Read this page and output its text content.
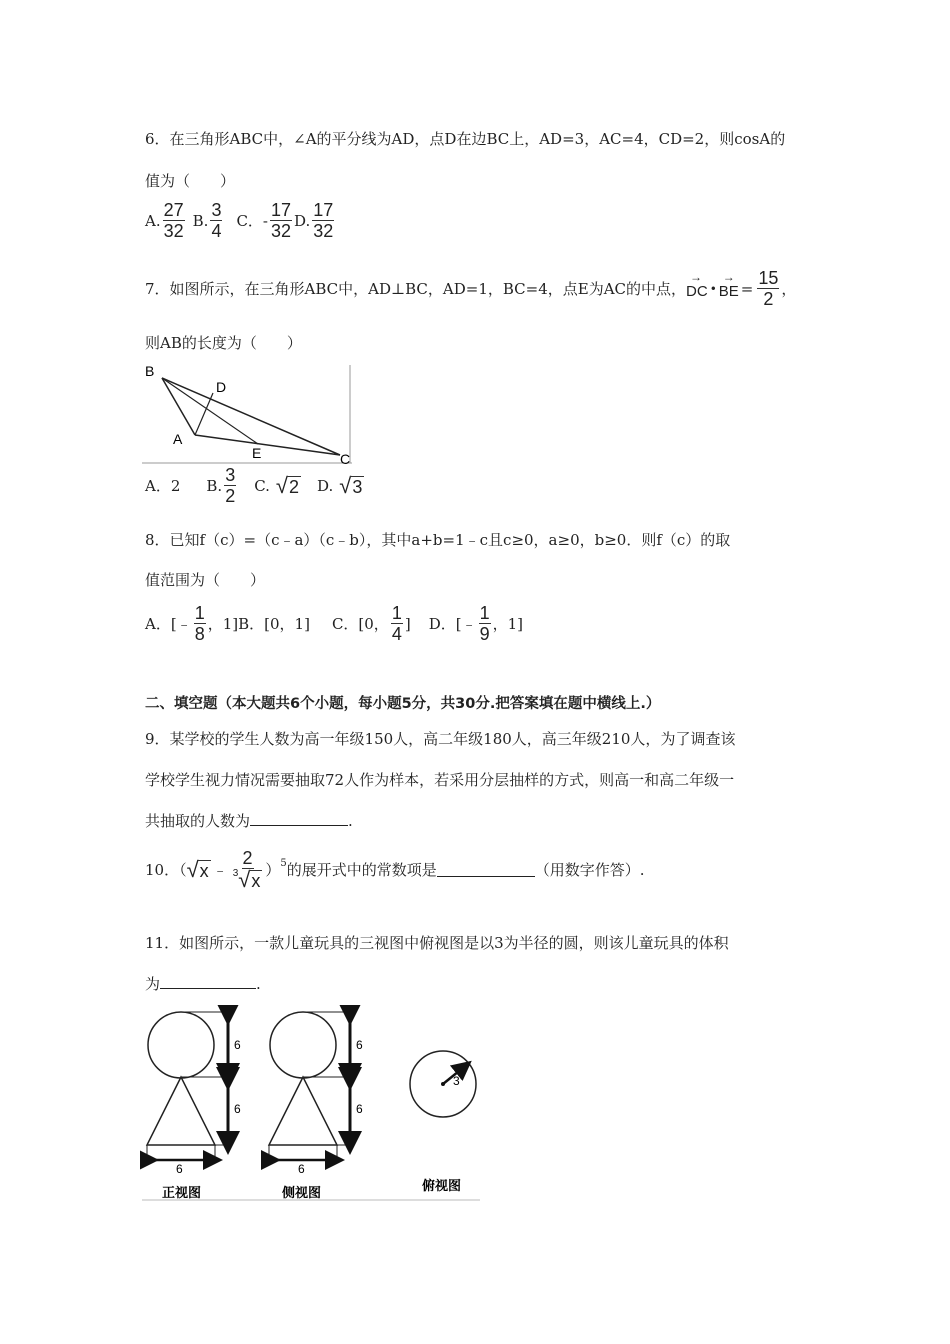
6．在三角形ABC中，∠A的平分线为AD，点D在边BC上，AD=3，AC=4，CD=2，则cosA的
值为（　　）
A. $\frac{27}{32} B$. $\frac{3}{4}$ C．- $\frac{17}{32} D$. $\frac{17}{32}$
7．如图所示，在三角形ABC中，AD⊥BC，AD=1，BC=4，点E为AC的中点， → DC • → BE = $\frac{15}{2}$ ，
则AB的长度为（　　）
B
D
A
E	C
A．2 B. $\frac{3}{2} C$. √ 2 D. √ 3
8．已知f（c）=（c﹣a）（c﹣b），其中a+b=1﹣c且c≥0，a≥0，b≥0．则f（c）的取
值范围为（　　）
A．[﹣ $\frac{1}{8}$ ，1] B．[0，1] C．[0， $\frac{1}{4}$ ] D．[﹣ $\frac{1}{9}$ ，1]
二、填空题（本大题共6个小题，每小题5分，共30分.把答案填在题中横线上.）
9．某学校的学生人数为高一年级150人，高二年级180人，高三年级210人，为了调查该
学校学生视力情况需要抽取72人作为样本，若采用分层抽样的方式，则高一和高二年级一
共抽取的人数为	.
10．（ √ x ﹣ $\frac{2}{3 √ x} )^5$ 的展开式中的常数项是	（用数字作答）.
11．如图所示，一款儿童玩具的三视图中俯视图是以3为半径的圆，则该儿童玩具的体积
为	.
6
6
6
正视图
6
6
6
侧视图
3
俯视图
